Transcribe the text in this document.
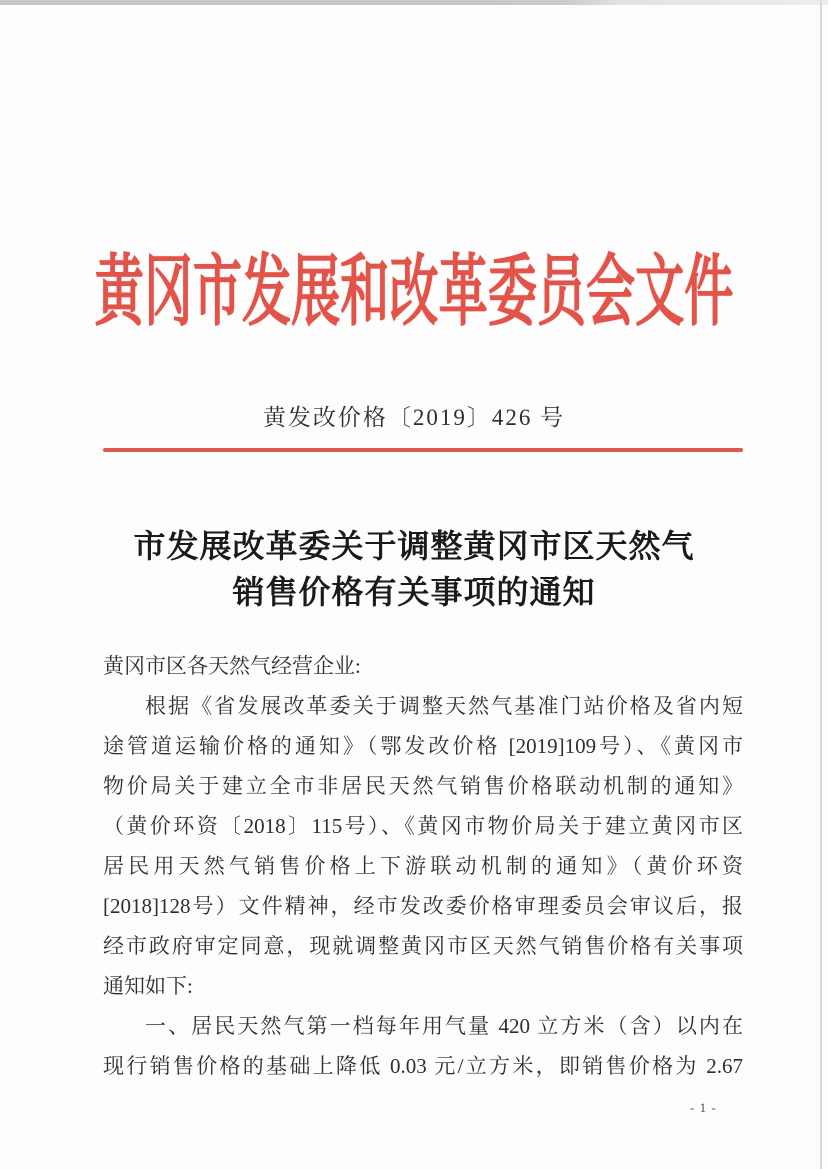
黄冈市发展和改革委员会文件
黄发改价格〔2019〕426 号
市发展改革委关于调整黄冈市区天然气
销售价格有关事项的通知
黄冈市区各天然气经营企业:
根据《省发展改革委关于调整天然气基准门站价格及省内短
途管道运输价格的通知》（鄂发改价格 [2019]109号）、《黄冈市
物价局关于建立全市非居民天然气销售价格联动机制的通知》
（黄价环资〔2018〕115号）、《黄冈市物价局关于建立黄冈市区
居民用天然气销售价格上下游联动机制的通知》（黄价环资
[2018]128号）文件精神，经市发改委价格审理委员会审议后，报
经市政府审定同意，现就调整黄冈市区天然气销售价格有关事项
通知如下:
一、居民天然气第一档每年用气量 420 立方米（含）以内在
现行销售价格的基础上降低 0.03 元/立方米，即销售价格为 2.67
- 1 -
